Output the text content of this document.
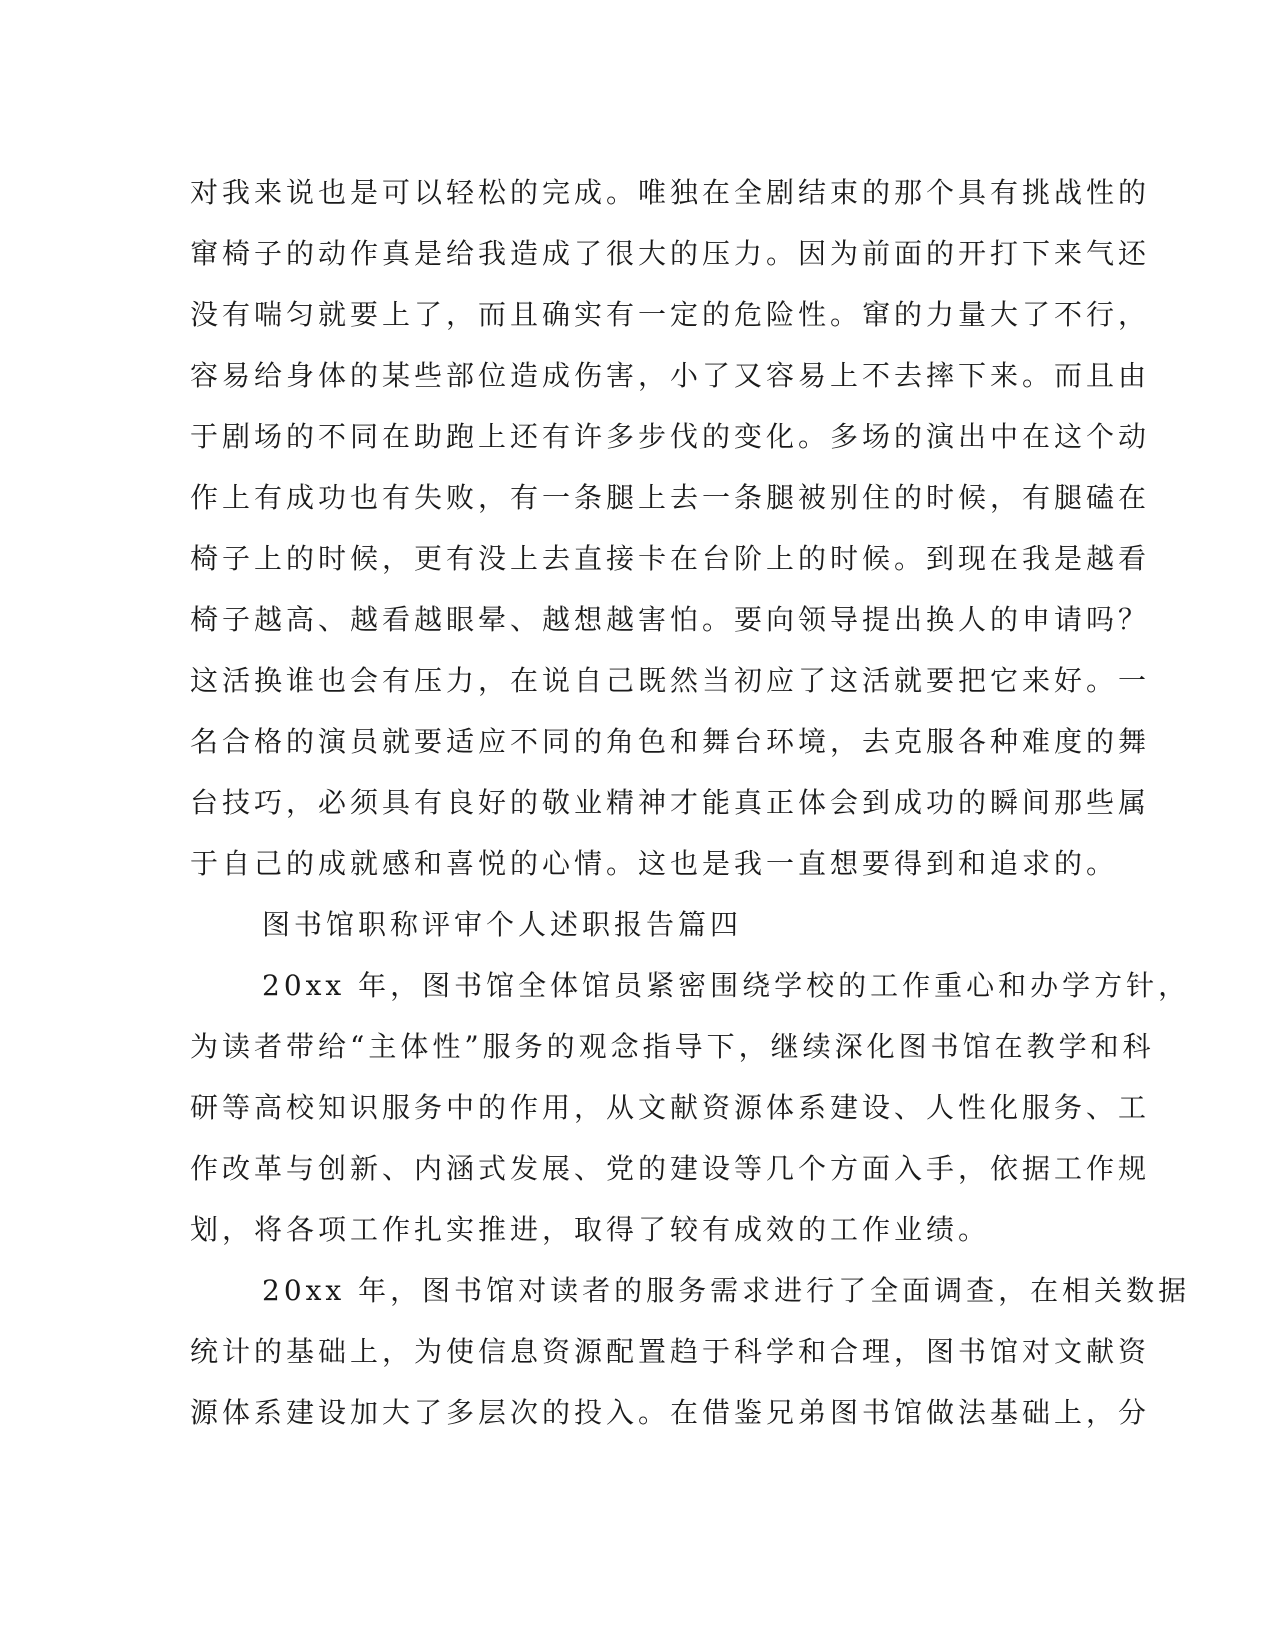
对我来说也是可以轻松的完成。唯独在全剧结束的那个具有挑战性的
窜椅子的动作真是给我造成了很大的压力。因为前面的开打下来气还
没有喘匀就要上了，而且确实有一定的危险性。窜的力量大了不行，
容易给身体的某些部位造成伤害，小了又容易上不去摔下来。而且由
于剧场的不同在助跑上还有许多步伐的变化。多场的演出中在这个动
作上有成功也有失败，有一条腿上去一条腿被别住的时候，有腿磕在
椅子上的时候，更有没上去直接卡在台阶上的时候。到现在我是越看
椅子越高、越看越眼晕、越想越害怕。要向领导提出换人的申请吗？
这活换谁也会有压力，在说自己既然当初应了这活就要把它来好。一
名合格的演员就要适应不同的角色和舞台环境，去克服各种难度的舞
台技巧，必须具有良好的敬业精神才能真正体会到成功的瞬间那些属
于自己的成就感和喜悦的心情。这也是我一直想要得到和追求的。
图书馆职称评审个人述职报告篇四
20xx 年，图书馆全体馆员紧密围绕学校的工作重心和办学方针，
为读者带给“主体性”服务的观念指导下，继续深化图书馆在教学和科
研等高校知识服务中的作用，从文献资源体系建设、人性化服务、工
作改革与创新、内涵式发展、党的建设等几个方面入手，依据工作规
划，将各项工作扎实推进，取得了较有成效的工作业绩。
20xx 年，图书馆对读者的服务需求进行了全面调查，在相关数据
统计的基础上，为使信息资源配置趋于科学和合理，图书馆对文献资
源体系建设加大了多层次的投入。在借鉴兄弟图书馆做法基础上，分
